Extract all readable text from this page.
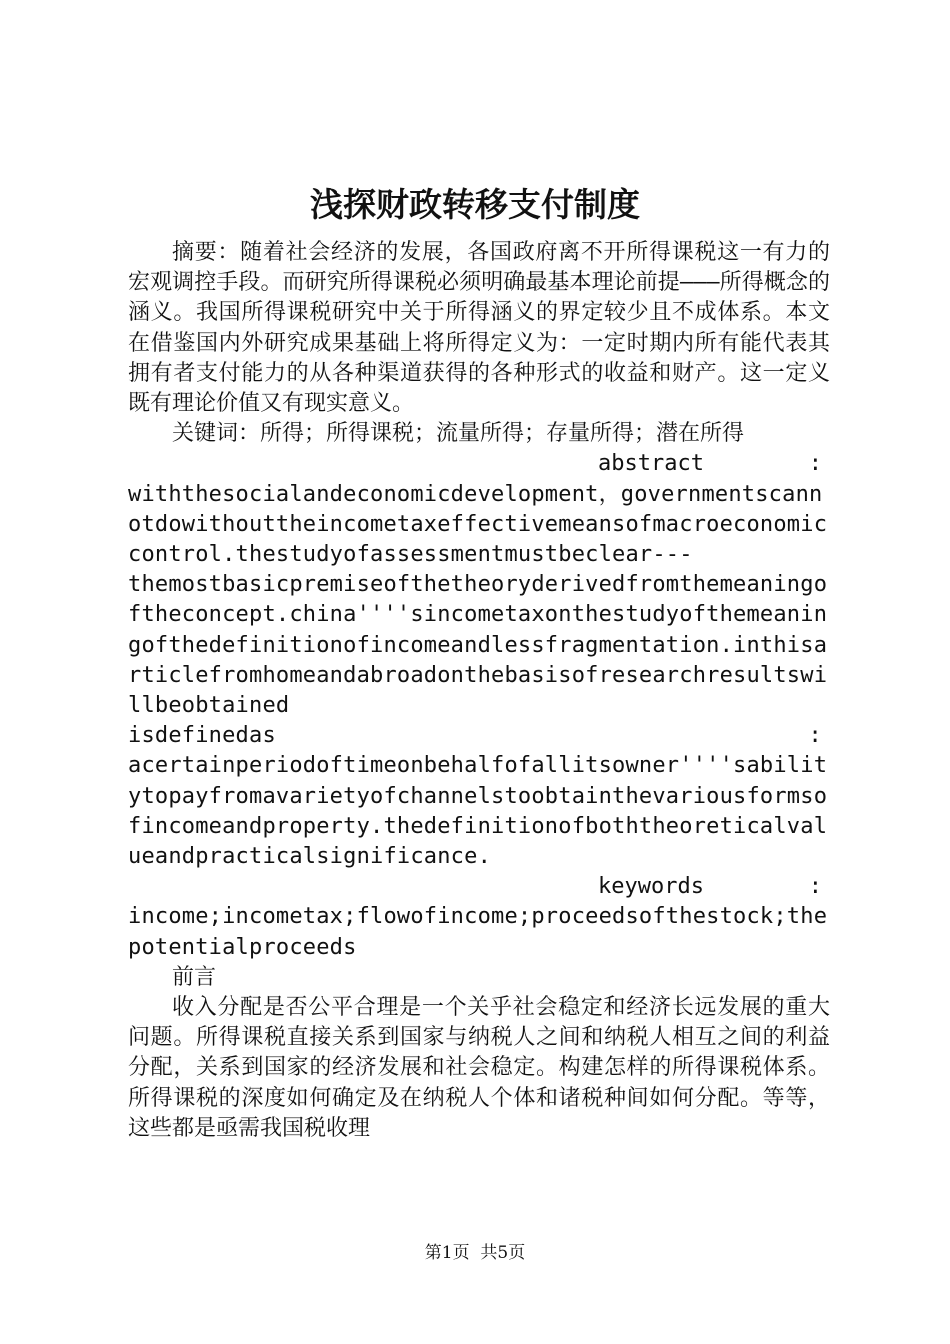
浅探财政转移支付制度

摘要：随着社会经济的发展，各国政府离不开所得课税这一有力的宏观调控手段。而研究所得课税必须明确最基本理论前提———所得概念的涵义。我国所得课税研究中关于所得涵义的界定较少且不成体系。本文在借鉴国内外研究成果基础上将所得定义为：一定时期内所有能代表其拥有者支付能力的从各种渠道获得的各种形式的收益和财产。这一定义既有理论价值又有现实意义。

关键词：所得；所得课税；流量所得；存量所得；潜在所得

abstract	:

withthesocialandeconomicdevelopment，governmentscannotdowithouttheincometaxeffectivemeansofmacroeconomiccontrol.thestudyofassessmentmustbeclear---

themostbasicpremiseofthetheoryderivedfromthemeaningoftheconcept.china''''sincometaxonthestudyofthemeaningofthedefinitionofincomeandlessfragmentation.inthisarticlefromhomeandabroadonthebasisofresearchresultswillbeobtained

isdefinedas	:

acertainperiodoftimeonbehalfofallitsowner''''sabilitytopayfromavarietyofchannelstoobtainthevariousformsofincomeandproperty.thedefinitionofboththeoreticalvalueandpracticalsignificance.

keywords	:

income;incometax;flowofincome;proceedsofthestock;thepotentialproceeds

前言

收入分配是否公平合理是一个关乎社会稳定和经济长远发展的重大问题。所得课税直接关系到国家与纳税人之间和纳税人相互之间的利益分配，关系到国家的经济发展和社会稳定。构建怎样的所得课税体系。所得课税的深度如何确定及在纳税人个体和诸税种间如何分配。等等，这些都是亟需我国税收理

第1页 共5页
